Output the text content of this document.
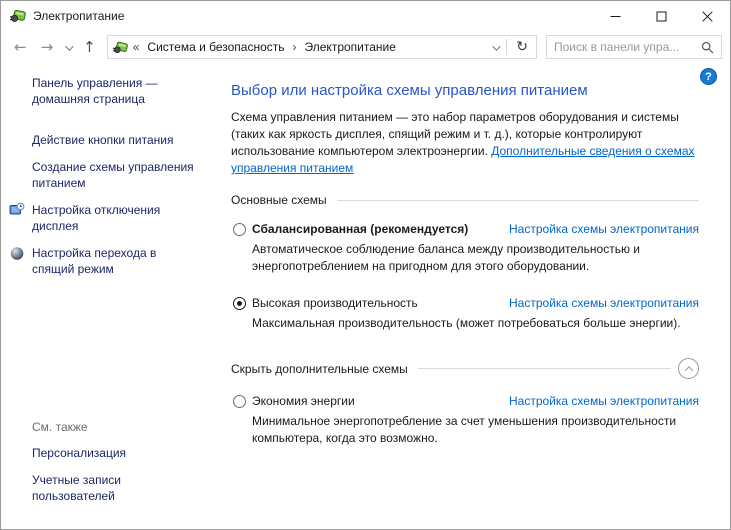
Электропитание
← →	↑	« Система и безопасность › Электропитание	↻
Поиск в панели упра...
Панель управления — домашняя страница
Действие кнопки питания
Создание схемы управления питанием
Настройка отключения дисплея
Настройка перехода в спящий режим
См. также
Персонализация
Учетные записи пользователей
?
Выбор или настройка схемы управления питанием

Схема управления питанием — это набор параметров оборудования и системы (таких как яркость дисплея, спящий режим и т. д.), которые контролируют использование компьютером электроэнергии. Дополнительные сведения о схемах управления питанием

Основные схемы
Сбалансированная (рекомендуется)	Настройка схемы электропитания
Автоматическое соблюдение баланса между производительностью и энергопотреблением на пригодном для этого оборудовании.
Высокая производительность	Настройка схемы электропитания
Максимальная производительность (может потребоваться больше энергии).
Скрыть дополнительные схемы
Экономия энергии	Настройка схемы электропитания
Минимальное энергопотребление за счет уменьшения производительности компьютера, когда это возможно.
